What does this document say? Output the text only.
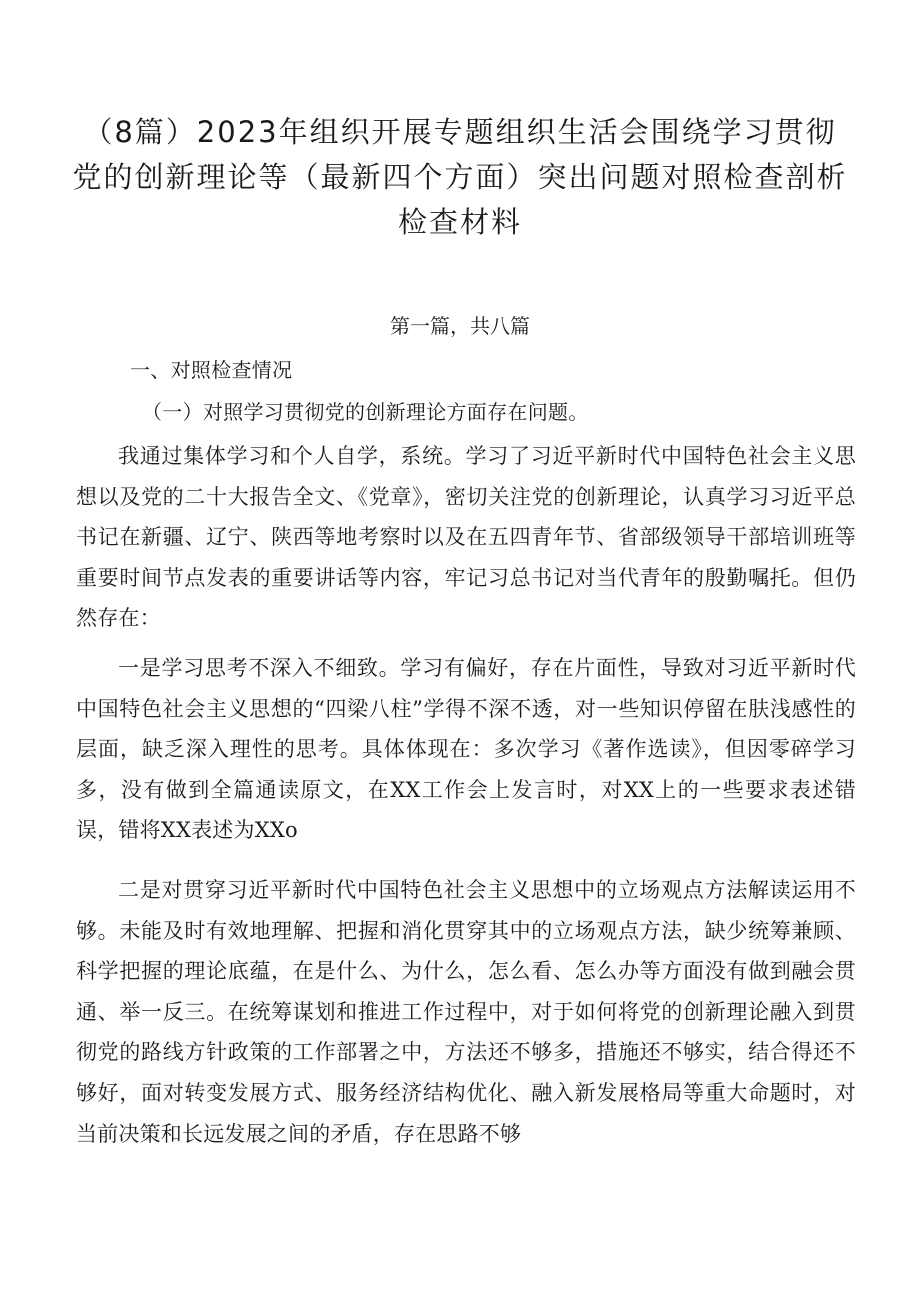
（8篇）2023年组织开展专题组织生活会围绕学习贯彻
党的创新理论等（最新四个方面）突出问题对照检查剖析
检查材料
第一篇，共八篇
一、对照检查情况
（一）对照学习贯彻党的创新理论方面存在问题。

我通过集体学习和个人自学，系统。学习了习近平新时代中国特色社会主义思想以及党的二十大报告全文、《党章》，密切关注党的创新理论，认真学习习近平总书记在新疆、辽宁、陕西等地考察时以及在五四青年节、省部级领导干部培训班等重要时间节点发表的重要讲话等内容，牢记习总书记对当代青年的殷勤嘱托。但仍然存在：

一是学习思考不深入不细致。学习有偏好，存在片面性，导致对习近平新时代中国特色社会主义思想的“四梁八柱”学得不深不透，对一些知识停留在肤浅感性的层面，缺乏深入理性的思考。具体体现在：多次学习《著作选读》，但因零碎学习多，没有做到全篇通读原文，在XX工作会上发言时，对XX上的一些要求表述错误，错将XX表述为XXo

二是对贯穿习近平新时代中国特色社会主义思想中的立场观点方法解读运用不够。未能及时有效地理解、把握和消化贯穿其中的立场观点方法，缺少统筹兼顾、科学把握的理论底蕴，在是什么、为什么，怎么看、怎么办等方面没有做到融会贯通、举一反三。在统筹谋划和推进工作过程中，对于如何将党的创新理论融入到贯彻党的路线方针政策的工作部署之中，方法还不够多，措施还不够实，结合得还不够好，面对转变发展方式、服务经济结构优化、融入新发展格局等重大命题时，对当前决策和长远发展之间的矛盾，存在思路不够
